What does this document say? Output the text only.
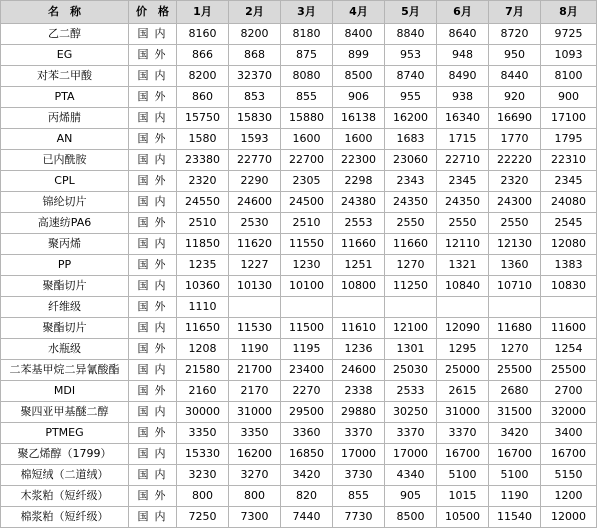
名　称	价　格	1月	2月	3月	4月	5月	6月	7月	8月
乙二醇	国内	8160	8200	8180	8400	8840	8640	8720	9725
EG	国外	866	868	875	899	953	948	950	1093
对苯二甲酸	国内	8200	32370	8080	8500	8740	8490	8440	8100
PTA	国外	860	853	855	906	955	938	920	900
丙烯腈	国内	15750	15830	15880	16138	16200	16340	16690	17100
AN	国外	1580	1593	1600	1600	1683	1715	1770	1795
已内酰胺	国内	23380	22770	22700	22300	23060	22710	22220	22310
CPL	国外	2320	2290	2305	2298	2343	2345	2320	2345
锦纶切片	国内	24550	24600	24500	24380	24350	24350	24300	24080
高速纺PA6	国外	2510	2530	2510	2553	2550	2550	2550	2545
聚丙烯	国内	11850	11620	11550	11660	11660	12110	12130	12080
PP	国外	1235	1227	1230	1251	1270	1321	1360	1383
聚酯切片	国内	10360	10130	10100	10800	11250	10840	10710	10830
纤维级	国外	1110							
聚酯切片	国内	11650	11530	11500	11610	12100	12090	11680	11600
水瓶级	国外	1208	1190	1195	1236	1301	1295	1270	1254
二苯基甲烷二异氰酸酯	国内	21580	21700	23400	24600	25030	25000	25500	25500
MDI	国外	2160	2170	2270	2338	2533	2615	2680	2700
聚四亚甲基醚二醇	国内	30000	31000	29500	29880	30250	31000	31500	32000
PTMEG	国外	3350	3350	3360	3370	3370	3370	3420	3400
聚乙烯醇（1799）	国内	15330	16200	16850	17000	17000	16700	16700	16700
棉短绒（二道绒）	国内	3230	3270	3420	3730	4340	5100	5100	5150
木浆粕（短纤级）	国外	800	800	820	855	905	1015	1190	1200
棉浆粕（短纤级）	国内	7250	7300	7440	7730	8500	10500	11540	12000
